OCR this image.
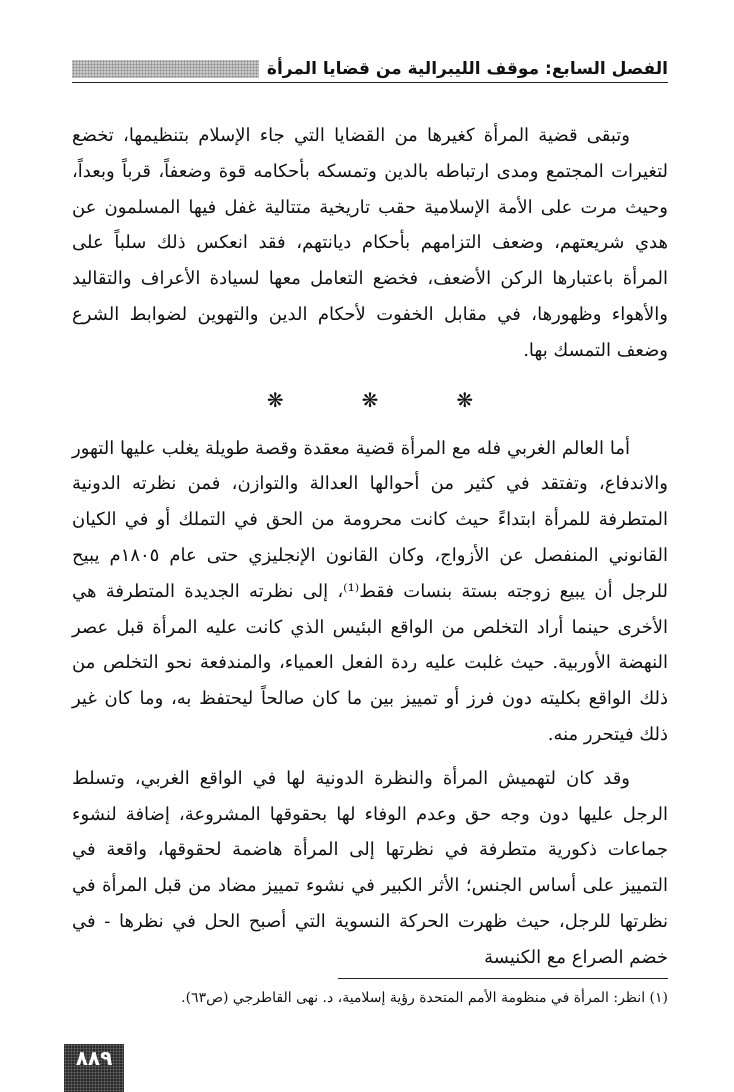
الفصل السابع: موقف الليبرالية من قضايا المرأة

وتبقى قضية المرأة كغيرها من القضايا التي جاء الإسلام بتنظيمها، تخضع لتغيرات المجتمع ومدى ارتباطه بالدين وتمسكه بأحكامه قوة وضعفاً، قرباً وبعداً، وحيث مرت على الأمة الإسلامية حقب تاريخية متتالية غفل فيها المسلمون عن هدي شريعتهم، وضعف التزامهم بأحكام ديانتهم، فقد انعكس ذلك سلباً على المرأة باعتبارها الركن الأضعف، فخضع التعامل معها لسيادة الأعراف والتقاليد والأهواء وظهورها، في مقابل الخفوت لأحكام الدين والتهوين لضوابط الشرع وضعف التمسك بها.

❋
❋
❋

أما العالم الغربي فله مع المرأة قضية معقدة وقصة طويلة يغلب عليها التهور والاندفاع، وتفتقد في كثير من أحوالها العدالة والتوازن، فمن نظرته الدونية المتطرفة للمرأة ابتداءً حيث كانت محرومة من الحق في التملك أو في الكيان القانوني المنفصل عن الأزواج، وكان القانون الإنجليزي حتى عام ١٨٠٥م يبيح للرجل أن يبيع زوجته بستة بنسات فقط⁽¹⁾، إلى نظرته الجديدة المتطرفة هي الأخرى حينما أراد التخلص من الواقع البئيس الذي كانت عليه المرأة قبل عصر النهضة الأوربية. حيث غلبت عليه ردة الفعل العمياء، والمندفعة نحو التخلص من ذلك الواقع بكليته دون فرز أو تمييز بين ما كان صالحاً ليحتفظ به، وما كان غير ذلك فيتحرر منه.

وقد كان لتهميش المرأة والنظرة الدونية لها في الواقع الغربي، وتسلط الرجل عليها دون وجه حق وعدم الوفاء لها بحقوقها المشروعة، إضافة لنشوء جماعات ذكورية متطرفة في نظرتها إلى المرأة هاضمة لحقوقها، واقعة في التمييز على أساس الجنس؛ الأثر الكبير في نشوء تمييز مضاد من قبل المرأة في نظرتها للرجل، حيث ظهرت الحركة النسوية التي أصبح الحل في نظرها - في خضم الصراع مع الكنيسة

(١) انظر: المرأة في منظومة الأمم المتحدة رؤية إسلامية، د. نهى القاطرجي (ص٦٣).
٨٨٩
